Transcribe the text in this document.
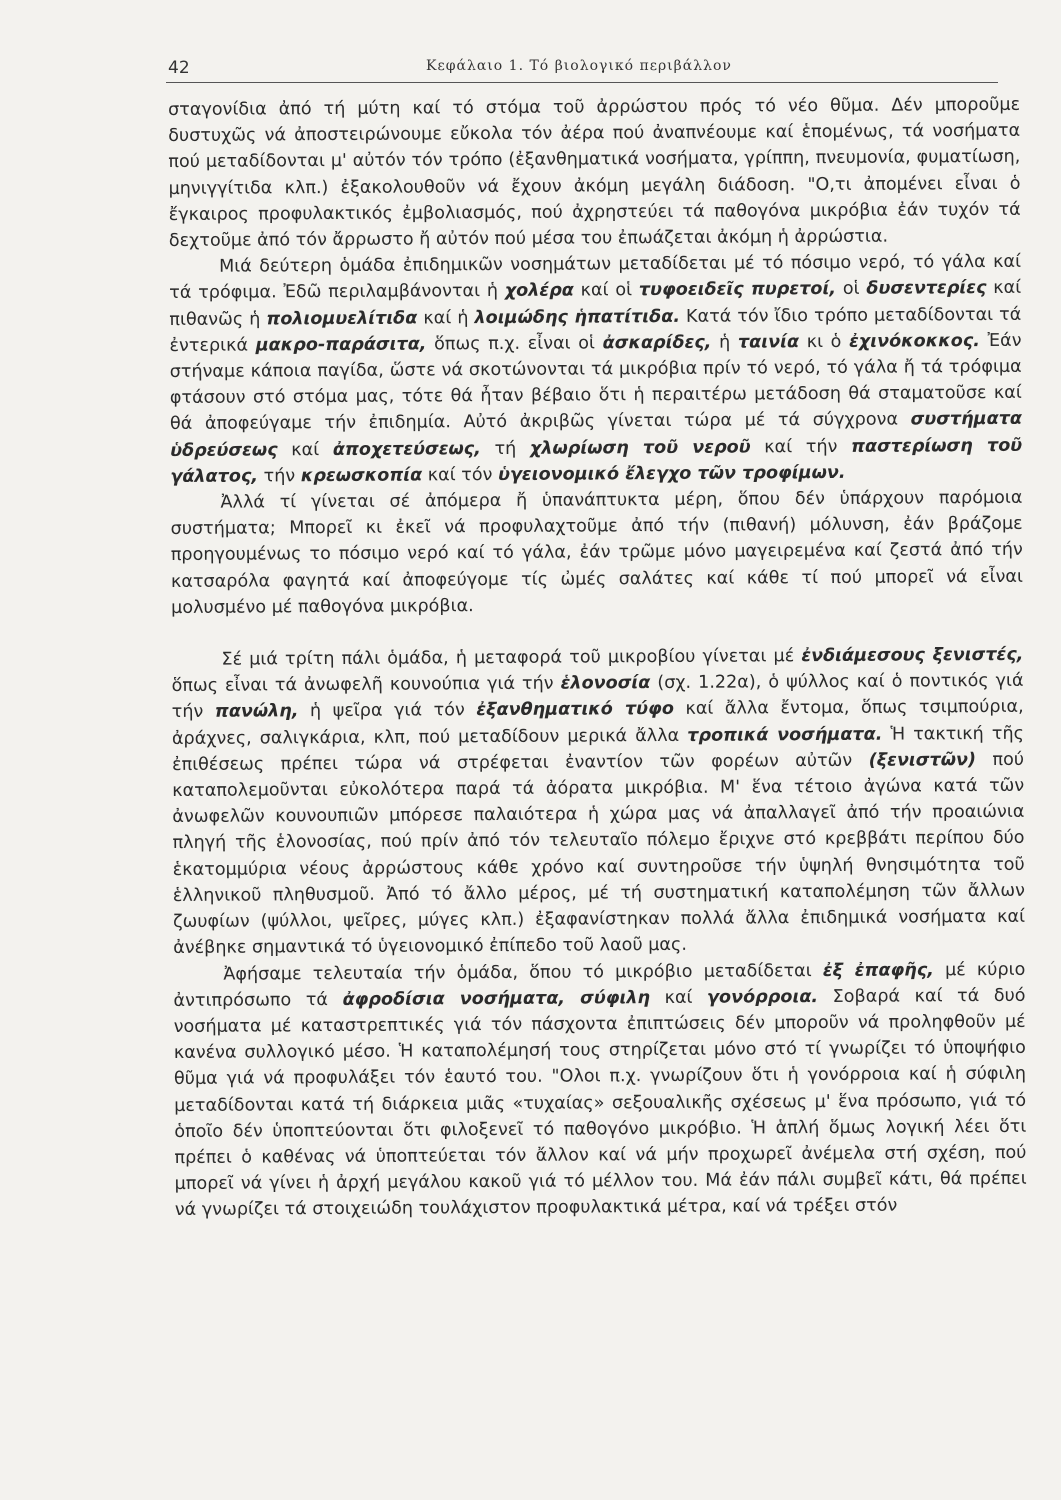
42	Κεφάλαιο 1. Τό βιολογικό περιβάλλον

σταγονίδια ἀπό τή μύτη καί τό στόμα τοῦ ἀρρώστου πρός τό νέο θῦμα. Δέν μποροῦμε δυστυχῶς νά ἀποστειρώνουμε εὔκολα τόν ἀέρα πού ἀναπνέουμε καί ἑπομένως, τά νοσήματα πού μεταδίδονται μ' αὐτόν τόν τρόπο (ἐξανθηματικά νοσήματα, γρίππη, πνευμονία, φυματίωση, μηνιγγίτιδα κλπ.) ἐξακολουθοῦν νά ἔχουν ἀκόμη μεγάλη διάδοση. "Ο,τι ἀπομένει εἶναι ὁ ἔγκαιρος προφυλακτικός ἐμβολιασμός, πού ἀχρηστεύει τά παθογόνα μικρόβια ἐάν τυχόν τά δεχτοῦμε ἀπό τόν ἄρρωστο ἤ αὐτόν πού μέσα του ἐπωάζεται ἀκόμη ἡ ἀρρώστια.

Μιά δεύτερη ὁμάδα ἐπιδημικῶν νοσημάτων μεταδίδεται μέ τό πόσιμο νερό, τό γάλα καί τά τρόφιμα. Ἐδῶ περιλαμβάνονται ἡ χολέρα καί οἱ τυφοειδεῖς πυρετοί, οἱ δυσεντερίες καί πιθανῶς ἡ πολιομυελίτιδα καί ἡ λοιμώδης ἡπατίτιδα. Κατά τόν ἴδιο τρόπο μεταδίδονται τά ἐντερικά μακρο-παράσιτα, ὅπως π.χ. εἶναι οἱ ἀσκαρίδες, ἡ ταινία κι ὁ ἐχινόκοκκος. Ἐάν στήναμε κάποια παγίδα, ὥστε νά σκοτώνονται τά μικρόβια πρίν τό νερό, τό γάλα ἤ τά τρόφιμα φτάσουν στό στόμα μας, τότε θά ἦταν βέβαιο ὅτι ἡ περαιτέρω μετάδοση θά σταματοῦσε καί θά ἀποφεύγαμε τήν ἐπιδημία. Αὐτό ἀκριβῶς γίνεται τώρα μέ τά σύγχρονα συστήματα ὑδρεύσεως καί ἀποχετεύσεως, τή χλωρίωση τοῦ νεροῦ καί τήν παστερίωση τοῦ γάλατος, τήν κρεωσκοπία καί τόν ὑγειονομικό ἔλεγχο τῶν τροφίμων.

Ἀλλά τί γίνεται σέ ἀπόμερα ἤ ὑπανάπτυκτα μέρη, ὅπου δέν ὑπάρχουν παρόμοια συστήματα; Μπορεῖ κι ἐκεῖ νά προφυλαχτοῦμε ἀπό τήν (πιθανή) μόλυνση, ἐάν βράζομε προηγουμένως το πόσιμο νερό καί τό γάλα, ἐάν τρῶμε μόνο μαγειρεμένα καί ζεστά ἀπό τήν κατσαρόλα φαγητά καί ἀποφεύγομε τίς ὠμές σαλάτες καί κάθε τί πού μπορεῖ νά εἶναι μολυσμένο μέ παθογόνα μικρόβια.

Σέ μιά τρίτη πάλι ὁμάδα, ἡ μεταφορά τοῦ μικροβίου γίνεται μέ ἐνδιάμεσους ξενιστές, ὅπως εἶναι τά ἀνωφελῆ κουνούπια γιά τήν ἑλονοσία (σχ. 1.22α), ὁ ψύλλος καί ὁ ποντικός γιά τήν πανώλη, ἡ ψεῖρα γιά τόν ἐξανθηματικό τύφο καί ἄλλα ἔντομα, ὅπως τσιμπούρια, ἀράχνες, σαλιγκάρια, κλπ, πού μεταδίδουν μερικά ἄλλα τροπικά νοσήματα. Ἡ τακτική τῆς ἐπιθέσεως πρέπει τώρα νά στρέφεται ἐναντίον τῶν φορέων αὐτῶν (ξενιστῶν) πού καταπολεμοῦνται εὐκολότερα παρά τά ἀόρατα μικρόβια. Μ' ἕνα τέτοιο ἀγώνα κατά τῶν ἀνωφελῶν κουνουπιῶν μπόρεσε παλαιότερα ἡ χώρα μας νά ἀπαλλαγεῖ ἀπό τήν προαιώνια πληγή τῆς ἑλονοσίας, πού πρίν ἀπό τόν τελευταῖο πόλεμο ἔριχνε στό κρεββάτι περίπου δύο ἑκατομμύρια νέους ἀρρώστους κάθε χρόνο καί συντηροῦσε τήν ὑψηλή θνησιμότητα τοῦ ἑλληνικοῦ πληθυσμοῦ. Ἀπό τό ἄλλο μέρος, μέ τή συστηματική καταπολέμηση τῶν ἄλλων ζωυφίων (ψύλλοι, ψεῖρες, μύγες κλπ.) ἐξαφανίστηκαν πολλά ἄλλα ἐπιδημικά νοσήματα καί ἀνέβηκε σημαντικά τό ὑγειονομικό ἐπίπεδο τοῦ λαοῦ μας.

Ἀφήσαμε τελευταία τήν ὁμάδα, ὅπου τό μικρόβιο μεταδίδεται ἐξ ἐπαφῆς, μέ κύριο ἀντιπρόσωπο τά ἀφροδίσια νοσήματα, σύφιλη καί γονόρροια. Σοβαρά καί τά δυό νοσήματα μέ καταστρεπτικές γιά τόν πάσχοντα ἐπιπτώσεις δέν μποροῦν νά προληφθοῦν μέ κανένα συλλογικό μέσο. Ἡ καταπολέμησή τους στηρίζεται μόνο στό τί γνωρίζει τό ὑποψήφιο θῦμα γιά νά προφυλάξει τόν ἑαυτό του. "Ολοι π.χ. γνωρίζουν ὅτι ἡ γονόρροια καί ἡ σύφιλη μεταδίδονται κατά τή διάρκεια μιᾶς «τυχαίας» σεξουαλικῆς σχέσεως μ' ἕνα πρόσωπο, γιά τό ὁποῖο δέν ὑποπτεύονται ὅτι φιλοξενεῖ τό παθογόνο μικρόβιο. Ἡ ἁπλή ὅμως λογική λέει ὅτι πρέπει ὁ καθένας νά ὑποπτεύεται τόν ἄλλον καί νά μήν προχωρεῖ ἀνέμελα στή σχέση, πού μπορεῖ νά γίνει ἡ ἀρχή μεγάλου κακοῦ γιά τό μέλλον του. Μά ἐάν πάλι συμβεῖ κάτι, θά πρέπει νά γνωρίζει τά στοιχειώδη τουλάχιστον προφυλακτικά μέτρα, καί νά τρέξει στόν
